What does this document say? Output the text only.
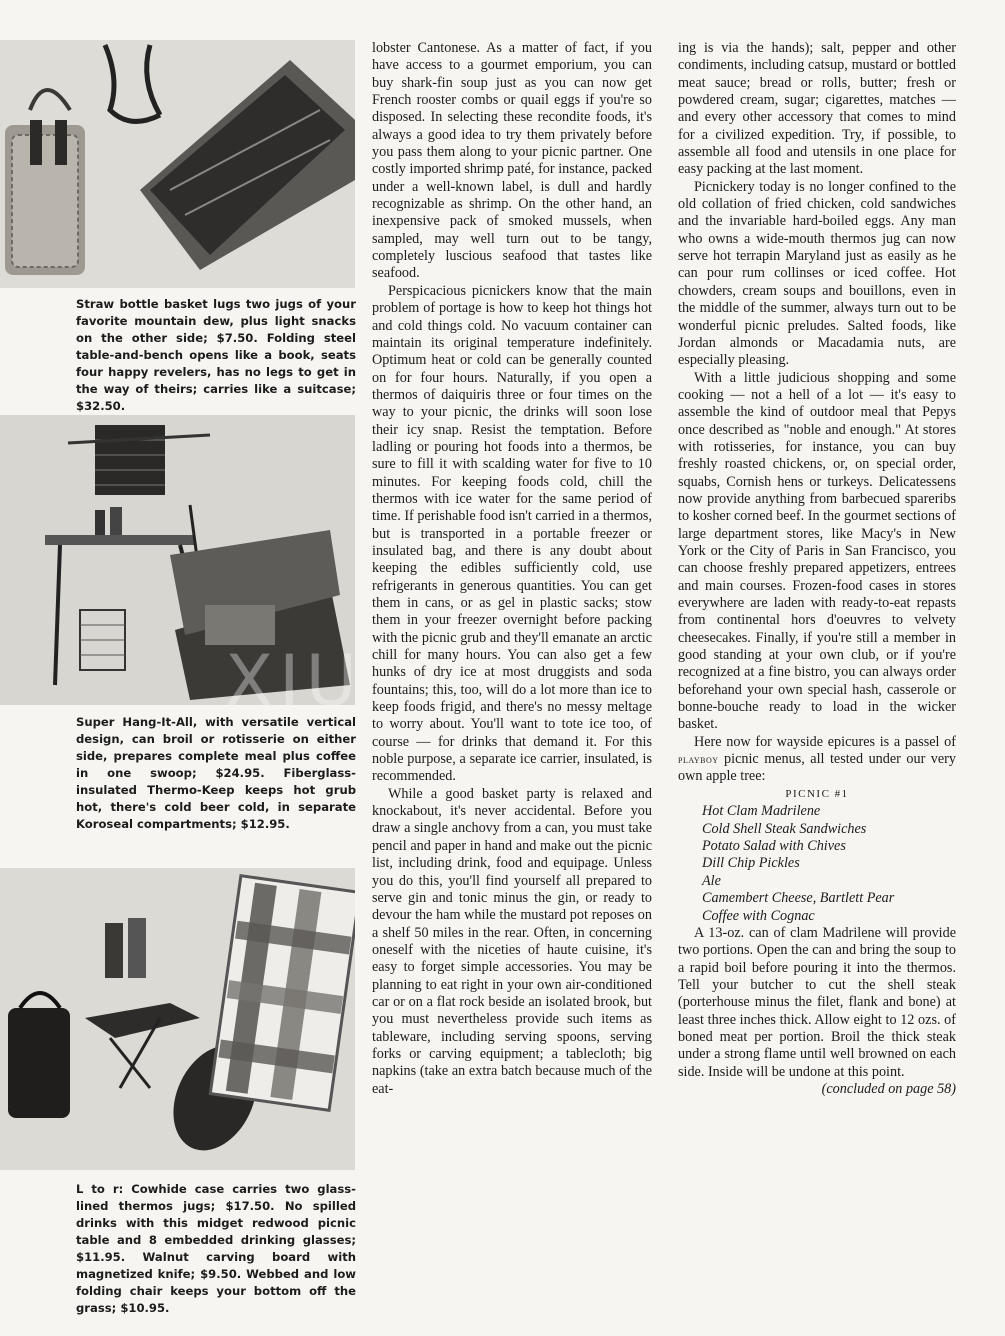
Straw bottle basket lugs two jugs of your favorite mountain dew, plus light snacks on the other side; $7.50. Folding steel table-and-bench opens like a book, seats four happy revelers, has no legs to get in the way of theirs; carries like a suitcase; $32.50.

Super Hang-It-All, with versatile vertical design, can broil or rotisserie on either side, prepares complete meal plus coffee in one swoop; $24.95. Fiberglass-insulated Thermo-Keep keeps hot grub hot, there's cold beer cold, in separate Koroseal compartments; $12.95.

L to r: Cowhide case carries two glass-lined thermos jugs; $17.50. No spilled drinks with this midget redwood picnic table and 8 embedded drinking glasses; $11.95. Walnut carving board with magnetized knife; $9.50. Webbed and low folding chair keeps your bottom off the grass; $10.95.

XIU

lobster Cantonese. As a matter of fact, if you have access to a gourmet emporium, you can buy shark-fin soup just as you can now get French rooster combs or quail eggs if you're so disposed. In selecting these recondite foods, it's always a good idea to try them privately before you pass them along to your picnic partner. One costly imported shrimp paté, for instance, packed under a well-known label, is dull and hardly recognizable as shrimp. On the other hand, an inexpensive pack of smoked mussels, when sampled, may well turn out to be tangy, completely luscious seafood that tastes like seafood.

Perspicacious picnickers know that the main problem of portage is how to keep hot things hot and cold things cold. No vacuum container can maintain its original temperature indefinitely. Optimum heat or cold can be generally counted on for four hours. Naturally, if you open a thermos of daiquiris three or four times on the way to your picnic, the drinks will soon lose their icy snap. Resist the temptation. Before ladling or pouring hot foods into a thermos, be sure to fill it with scalding water for five to 10 minutes. For keeping foods cold, chill the thermos with ice water for the same period of time. If perishable food isn't carried in a thermos, but is transported in a portable freezer or insulated bag, and there is any doubt about keeping the edibles sufficiently cold, use refrigerants in generous quantities. You can get them in cans, or as gel in plastic sacks; stow them in your freezer overnight before packing with the picnic grub and they'll emanate an arctic chill for many hours. You can also get a few hunks of dry ice at most druggists and soda fountains; this, too, will do a lot more than ice to keep foods frigid, and there's no messy meltage to worry about. You'll want to tote ice too, of course — for drinks that demand it. For this noble purpose, a separate ice carrier, insulated, is recommended.

While a good basket party is relaxed and knockabout, it's never accidental. Before you draw a single anchovy from a can, you must take pencil and paper in hand and make out the picnic list, including drink, food and equipage. Unless you do this, you'll find yourself all prepared to serve gin and tonic minus the gin, or ready to devour the ham while the mustard pot reposes on a shelf 50 miles in the rear. Often, in concerning oneself with the niceties of haute cuisine, it's easy to forget simple accessories. You may be planning to eat right in your own air-conditioned car or on a flat rock beside an isolated brook, but you must nevertheless provide such items as tableware, including serving spoons, serving forks or carving equipment; a tablecloth; big napkins (take an extra batch because much of the eat-

ing is via the hands); salt, pepper and other condiments, including catsup, mustard or bottled meat sauce; bread or rolls, butter; fresh or powdered cream, sugar; cigarettes, matches — and every other accessory that comes to mind for a civilized expedition. Try, if possible, to assemble all food and utensils in one place for easy packing at the last moment.

Picnickery today is no longer confined to the old collation of fried chicken, cold sandwiches and the invariable hard-boiled eggs. Any man who owns a wide-mouth thermos jug can now serve hot terrapin Maryland just as easily as he can pour rum collinses or iced coffee. Hot chowders, cream soups and bouillons, even in the middle of the summer, always turn out to be wonderful picnic preludes. Salted foods, like Jordan almonds or Macadamia nuts, are especially pleasing.

With a little judicious shopping and some cooking — not a hell of a lot — it's easy to assemble the kind of outdoor meal that Pepys once described as "noble and enough." At stores with rotisseries, for instance, you can buy freshly roasted chickens, or, on special order, squabs, Cornish hens or turkeys. Delicatessens now provide anything from barbecued spareribs to kosher corned beef. In the gourmet sections of large department stores, like Macy's in New York or the City of Paris in San Francisco, you can choose freshly prepared appetizers, entrees and main courses. Frozen-food cases in stores everywhere are laden with ready-to-eat repasts from continental hors d'oeuvres to velvety cheesecakes. Finally, if you're still a member in good standing at your own club, or if you're recognized at a fine bistro, you can always order beforehand your own special hash, casserole or bonne-bouche ready to load in the wicker basket.

Here now for wayside epicures is a passel of playboy picnic menus, all tested under our very own apple tree:

PICNIC #1

Hot Clam Madrilene
Cold Shell Steak Sandwiches
Potato Salad with Chives
Dill Chip Pickles
Ale
Camembert Cheese, Bartlett Pear
Coffee with Cognac

A 13-oz. can of clam Madrilene will provide two portions. Open the can and bring the soup to a rapid boil before pouring it into the thermos. Tell your butcher to cut the shell steak (porterhouse minus the filet, flank and bone) at least three inches thick. Allow eight to 12 ozs. of boned meat per portion. Broil the thick steak under a strong flame until well browned on each side. Inside will be undone at this point.

(concluded on page 58)
